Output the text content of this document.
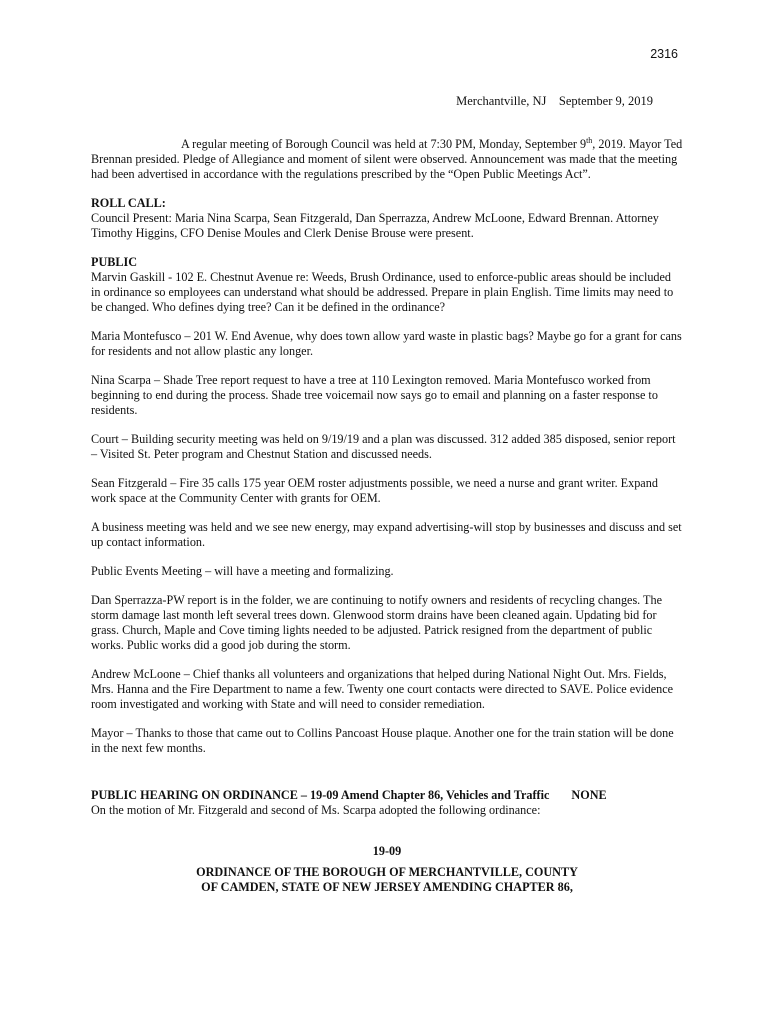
2316
Merchantville, NJ September 9, 2019

A regular meeting of Borough Council was held at 7:30 PM, Monday, September 9th, 2019. Mayor Ted Brennan presided. Pledge of Allegiance and moment of silent were observed. Announcement was made that the meeting had been advertised in accordance with the regulations prescribed by the “Open Public Meetings Act”.

ROLL CALL:
Council Present: Maria Nina Scarpa, Sean Fitzgerald, Dan Sperrazza, Andrew McLoone, Edward Brennan. Attorney Timothy Higgins, CFO Denise Moules and Clerk Denise Brouse were present.

PUBLIC
Marvin Gaskill - 102 E. Chestnut Avenue re: Weeds, Brush Ordinance, used to enforce-public areas should be included in ordinance so employees can understand what should be addressed. Prepare in plain English. Time limits may need to be changed. Who defines dying tree? Can it be defined in the ordinance?

Maria Montefusco – 201 W. End Avenue, why does town allow yard waste in plastic bags? Maybe go for a grant for cans for residents and not allow plastic any longer.

Nina Scarpa – Shade Tree report request to have a tree at 110 Lexington removed. Maria Montefusco worked from beginning to end during the process. Shade tree voicemail now says go to email and planning on a faster response to residents.

Court – Building security meeting was held on 9/19/19 and a plan was discussed. 312 added 385 disposed, senior report – Visited St. Peter program and Chestnut Station and discussed needs.

Sean Fitzgerald – Fire 35 calls 175 year OEM roster adjustments possible, we need a nurse and grant writer. Expand work space at the Community Center with grants for OEM.

A business meeting was held and we see new energy, may expand advertising-will stop by businesses and discuss and set up contact information.

Public Events Meeting – will have a meeting and formalizing.

Dan Sperrazza-PW report is in the folder, we are continuing to notify owners and residents of recycling changes. The storm damage last month left several trees down. Glenwood storm drains have been cleaned again. Updating bid for grass. Church, Maple and Cove timing lights needed to be adjusted. Patrick resigned from the department of public works. Public works did a good job during the storm.

Andrew McLoone – Chief thanks all volunteers and organizations that helped during National Night Out. Mrs. Fields, Mrs. Hanna and the Fire Department to name a few. Twenty one court contacts were directed to SAVE. Police evidence room investigated and working with State and will need to consider remediation.

Mayor – Thanks to those that came out to Collins Pancoast House plaque. Another one for the train station will be done in the next few months.

PUBLIC HEARING ON ORDINANCE – 19-09 Amend Chapter 86, Vehicles and Traffic NONE
On the motion of Mr. Fitzgerald and second of Ms. Scarpa adopted the following ordinance:

19-09

ORDINANCE OF THE BOROUGH OF MERCHANTVILLE, COUNTY
OF CAMDEN, STATE OF NEW JERSEY AMENDING CHAPTER 86,
